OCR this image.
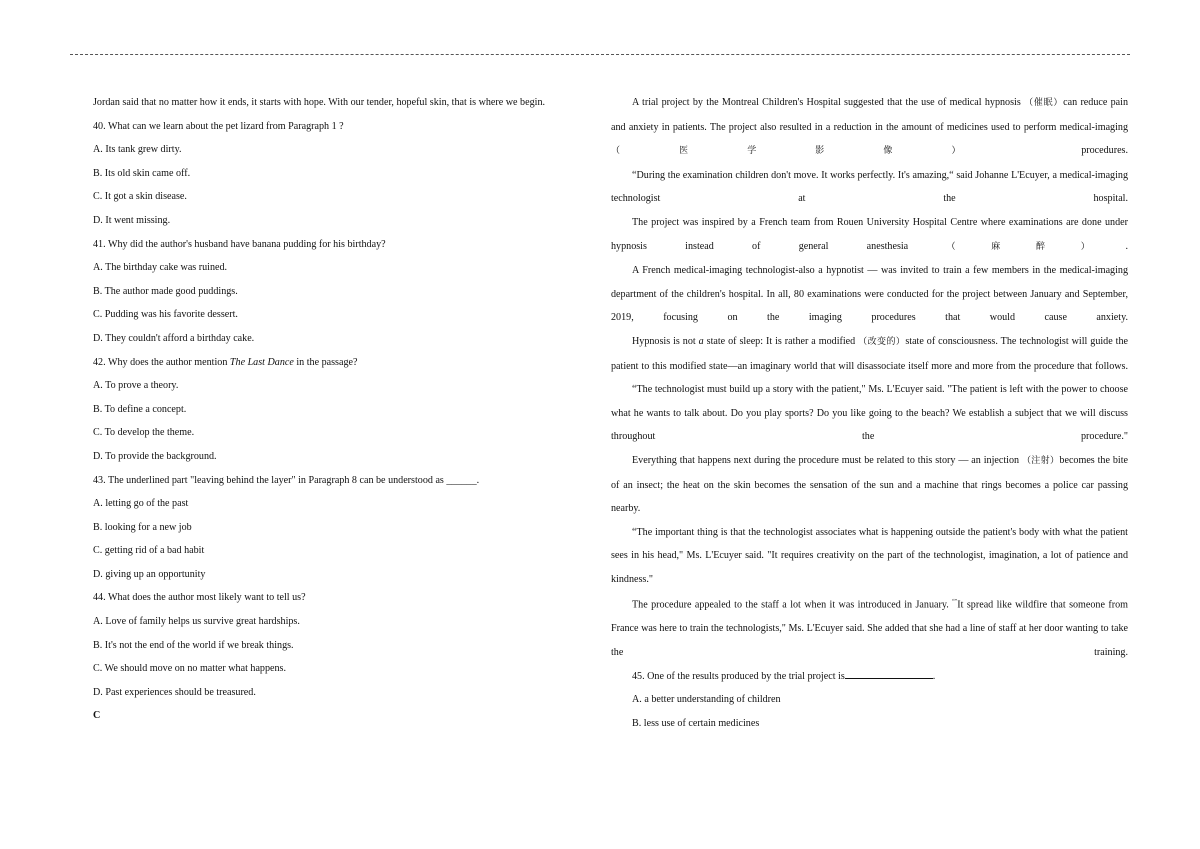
Jordan said that no matter how it ends, it starts with hope. With our tender, hopeful skin, that is where we begin.

40. What can we learn about the pet lizard from Paragraph 1 ?

A. Its tank grew dirty.

B. Its old skin came off.

C. It got a skin disease.

D. It went missing.

41. Why did the author's husband have banana pudding for his birthday?

A. The birthday cake was ruined.

B. The author made good puddings.

C. Pudding was his favorite dessert.

D. They couldn't afford a birthday cake.

42. Why does the author mention The Last Dance in the passage?

A. To prove a theory.

B. To define a concept.

C. To develop the theme.

D. To provide the background.

43. The underlined part "leaving behind the layer" in Paragraph 8 can be understood as ______.

A. letting go of the past

B. looking for a new job

C. getting rid of a bad habit

D. giving up an opportunity

44. What does the author most likely want to tell us?

A. Love of family helps us survive great hardships.

B. It's not the end of the world if we break things.

C. We should move on no matter what happens.

D. Past experiences should be treasured.

C

A trial project by the Montreal Children's Hospital suggested that the use of medical hypnosis （催眠）can reduce pain and anxiety in patients. The project also resulted in a reduction in the amount of medicines used to perform medical-imaging （医学影像） procedures.

“During the examination children don't move. It works perfectly. It's amazing,“ said Johanne L'Ecuyer, a medical-imaging technologist at the hospital.

The project was inspired by a French team from Rouen University Hospital Centre where examinations are done under hypnosis instead of general anesthesia （麻醉）.

A French medical-imaging technologist-also a hypnotist — was invited to train a few members in the medical-imaging department of the children's hospital. In all, 80 examinations were conducted for the project between January and September, 2019, focusing on the imaging procedures that would cause anxiety.

Hypnosis is not a state of sleep: It is rather a modified （改变的）state of consciousness. The technologist will guide the patient to this modified state—an imaginary world that will disassociate itself more and more from the procedure that follows.

“The technologist must build up a story with the patient," Ms. L'Ecuyer said. "The patient is left with the power to choose what he wants to talk about. Do you play sports? Do you like going to the beach? We establish a subject that we will discuss throughout the procedure."

Everything that happens next during the procedure must be related to this story — an injection （注射）becomes the bite of an insect; the heat on the skin becomes the sensation of the sun and a machine that rings becomes a police car passing nearby.

“The important thing is that the technologist associates what is happening outside the patient's body with what the patient sees in his head," Ms. L'Ecuyer said. "It requires creativity on the part of the technologist, imagination, a lot of patience and kindness."

The procedure appealed to the staff a lot when it was introduced in January. “"It spread like wildfire that someone from France was here to train the technologists," Ms. L'Ecuyer said. She added that she had a line of staff at her door wanting to take the training.

45. One of the results produced by the trial project is	.

A. a better understanding of children

B. less use of certain medicines
